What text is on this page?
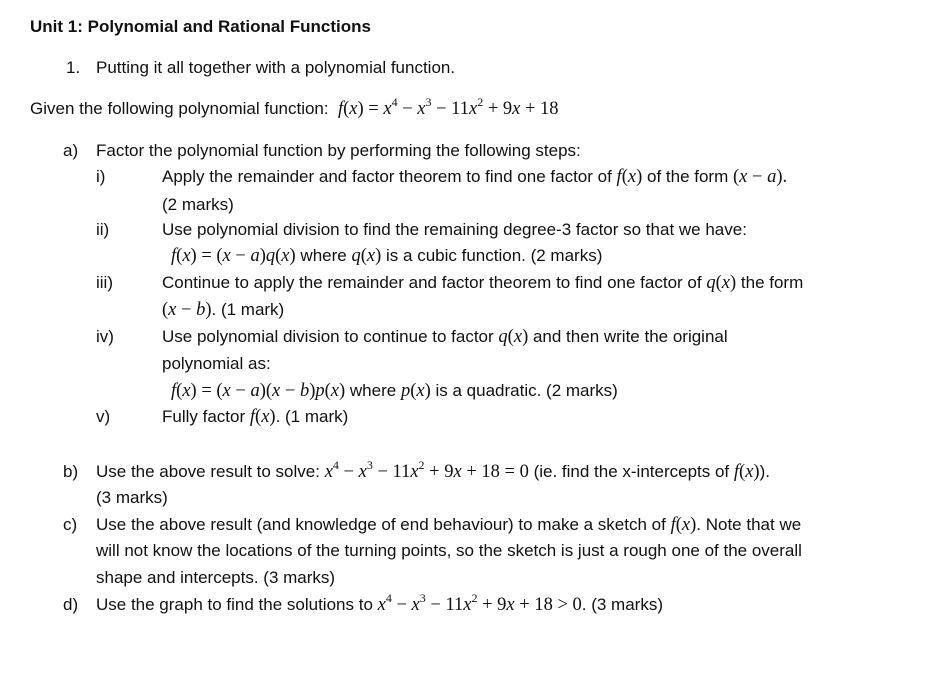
Unit 1: Polynomial and Rational Functions
1. Putting it all together with a polynomial function.
Given the following polynomial function: $f(x) = x^4 - x^3 - 11x^2 + 9x + 18$
a) Factor the polynomial function by performing the following steps:
i)	Apply the remainder and factor theorem to find one factor of f(x) of the form (x − a).
(2 marks)
ii)	Use polynomial division to find the remaining degree-3 factor so that we have:
f(x) = (x − a)q(x) where q(x) is a cubic function. (2 marks)
iii)	Continue to apply the remainder and factor theorem to find one factor of q(x) the form
(x − b). (1 mark)
iv)	Use polynomial division to continue to factor q(x) and then write the original
polynomial as:
f(x) = (x − a)(x − b)p(x) where p(x) is a quadratic. (2 marks)
v)	Fully factor f(x). (1 mark)
b) Use the above result to solve: $x^4 - x^3 - 11x^2 + 9x + 18 = 0$ (ie. find the x-intercepts of f(x)).
(3 marks)
c) Use the above result (and knowledge of end behaviour) to make a sketch of f(x). Note that we
will not know the locations of the turning points, so the sketch is just a rough one of the overall
shape and intercepts. (3 marks)
d) Use the graph to find the solutions to $x^4 - x^3 - 11x^2 + 9x + 18 > 0$. (3 marks)
